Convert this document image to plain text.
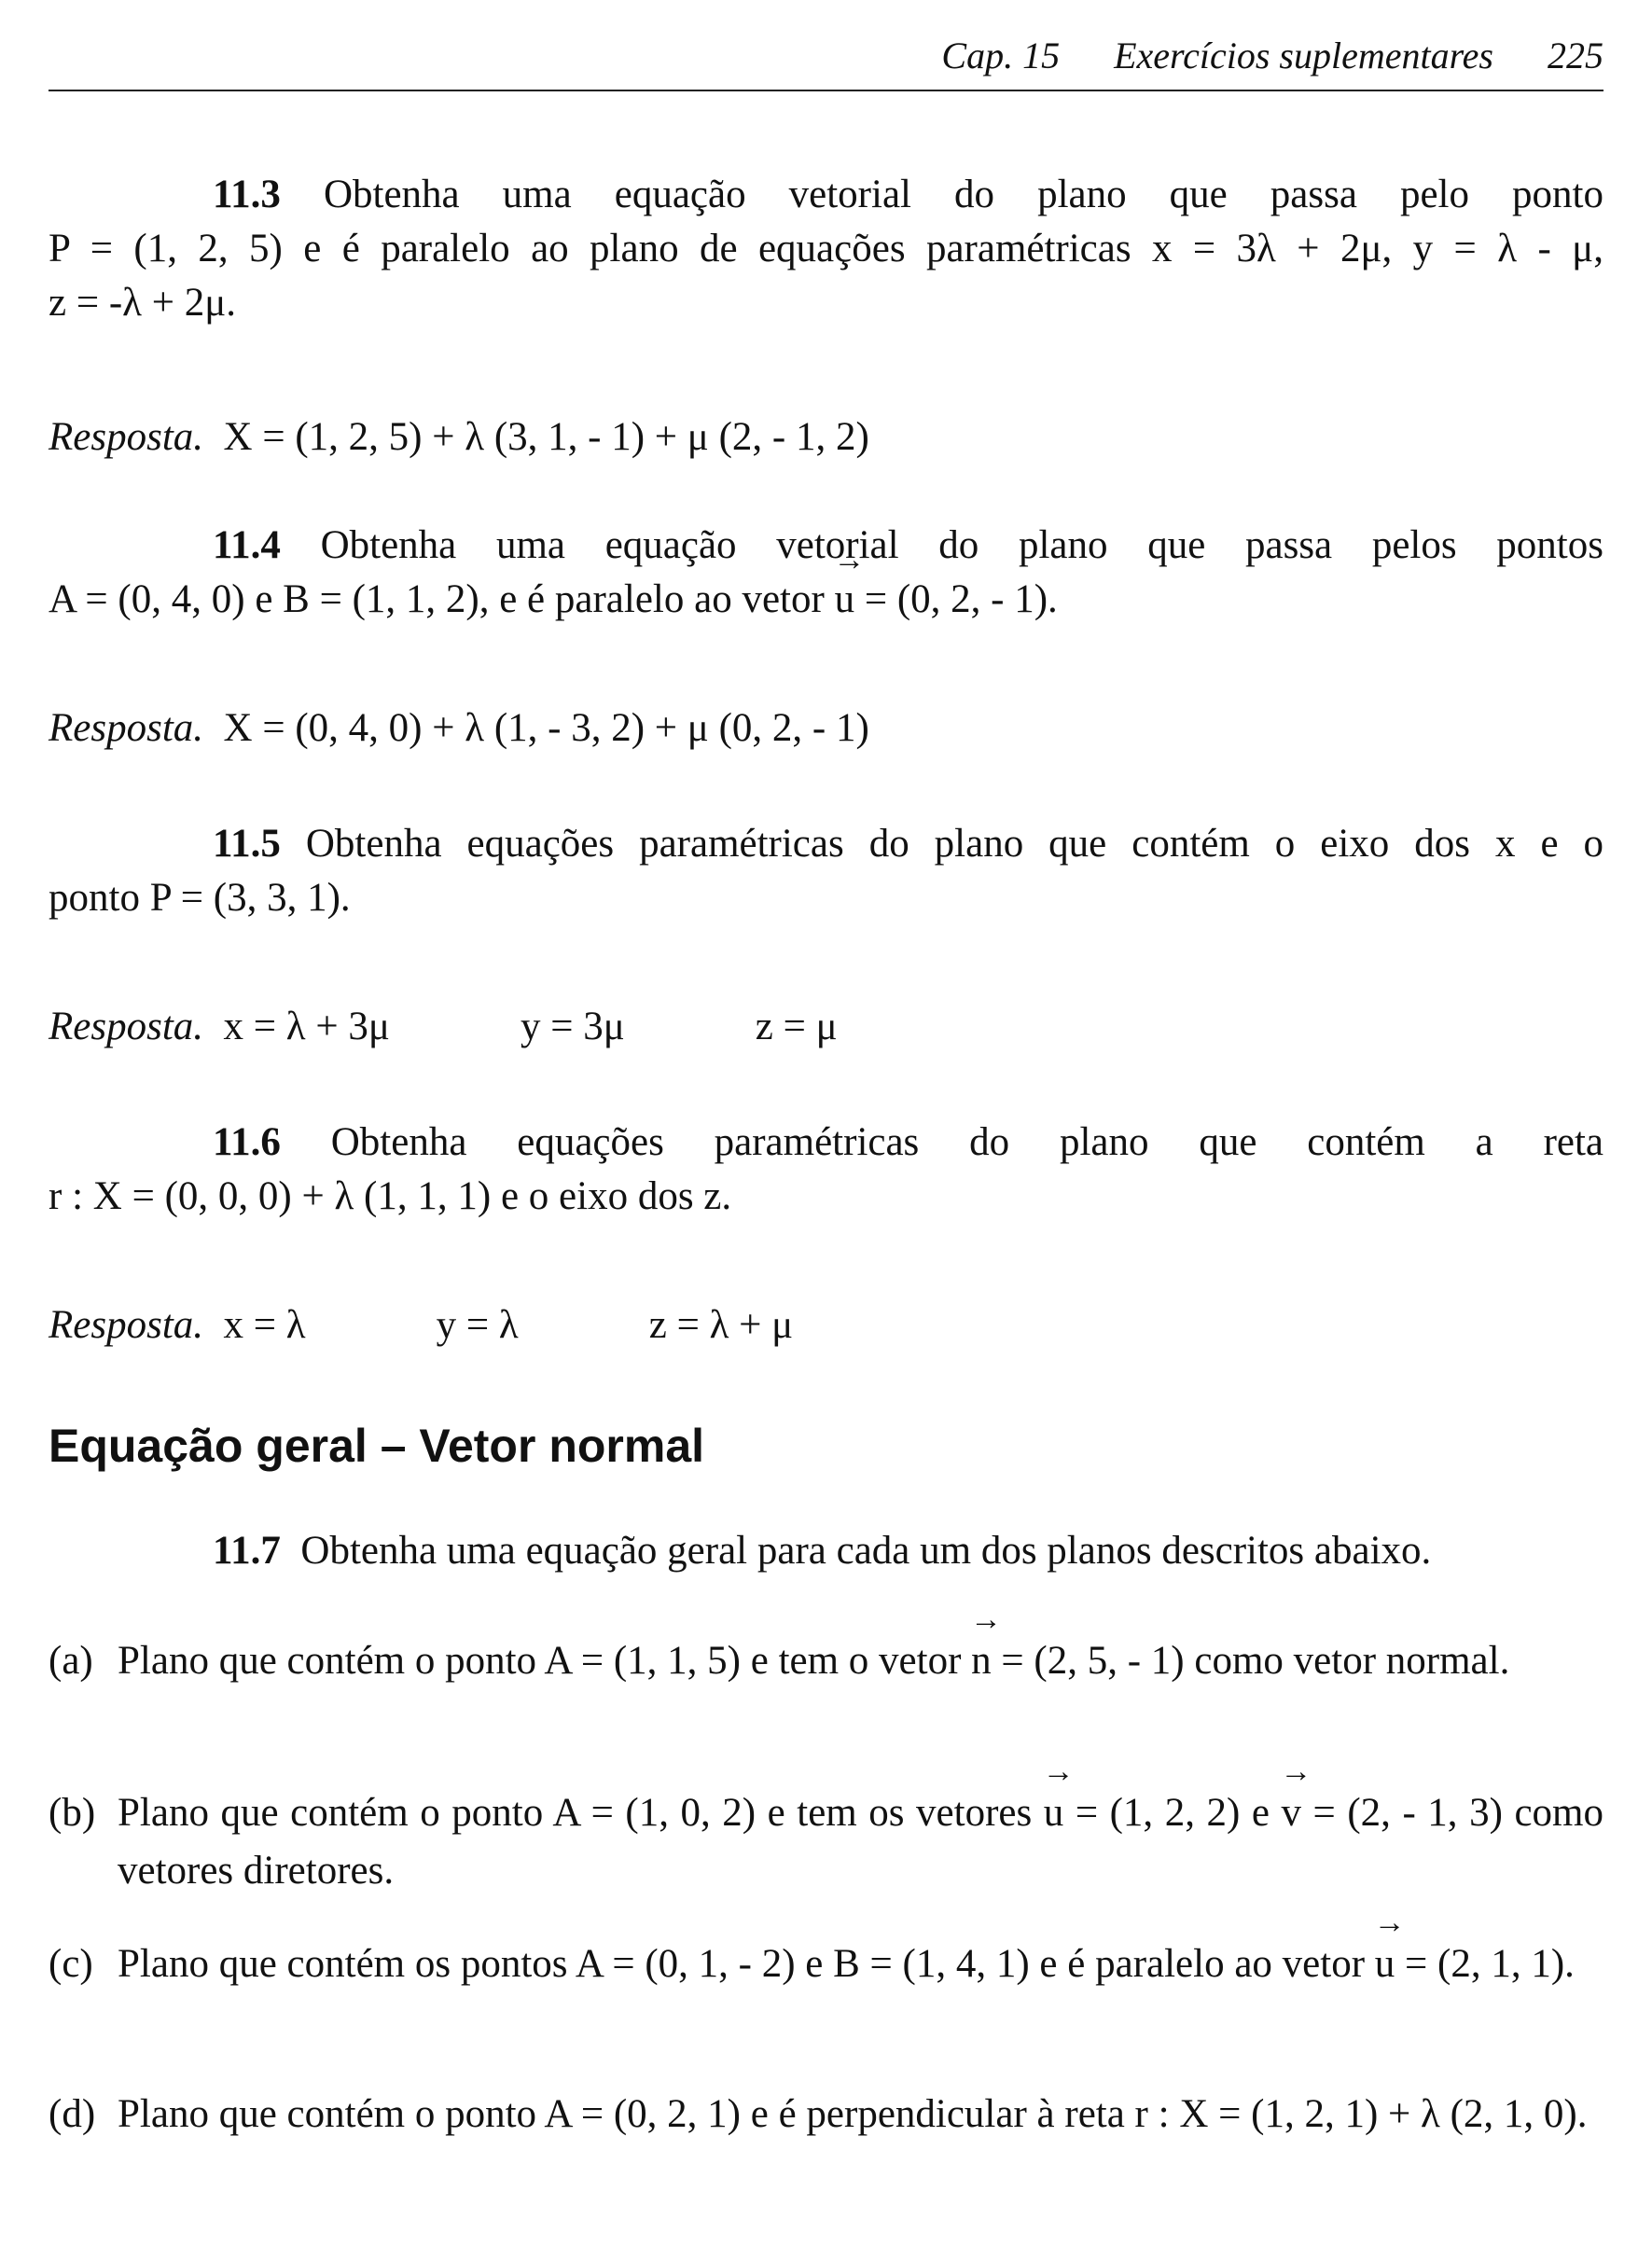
Cap. 15 Exercícios suplementares 225
11.3 Obtenha uma equação vetorial do plano que passa pelo ponto
P = (1, 2, 5) e é paralelo ao plano de equações paramétricas x = 3λ + 2μ, y = λ - μ,
z = -λ + 2μ.
Resposta. X = (1, 2, 5) + λ (3, 1, - 1) + μ (2, - 1, 2)
11.4 Obtenha uma equação vetorial do plano que passa pelos pontos
A = (0, 4, 0) e B = (1, 1, 2), e é paralelo ao vetor → u = (0, 2, - 1).
Resposta. X = (0, 4, 0) + λ (1, - 3, 2) + μ (0, 2, - 1)
11.5 Obtenha equações paramétricas do plano que contém o eixo dos x e o
ponto P = (3, 3, 1).
Resposta. x = λ + 3μ	y = 3μ	z = μ
11.6 Obtenha equações paramétricas do plano que contém a reta
r : X = (0, 0, 0) + λ (1, 1, 1) e o eixo dos z.
Resposta. x = λ	y = λ	z = λ + μ
Equação geral – Vetor normal
11.7 Obtenha uma equação geral para cada um dos planos descritos abaixo.
(a) Plano que contém o ponto A = (1, 1, 5) e tem o vetor → n = (2, 5, - 1) como vetor normal.
(b) Plano que contém o ponto A = (1, 0, 2) e tem os vetores → u = (1, 2, 2) e → v = (2, - 1, 3) como vetores diretores.
(c) Plano que contém os pontos A = (0, 1, - 2) e B = (1, 4, 1) e é paralelo ao vetor → u = (2, 1, 1).
(d) Plano que contém o ponto A = (0, 2, 1) e é perpendicular à reta r : X = (1, 2, 1) + λ (2, 1, 0).
